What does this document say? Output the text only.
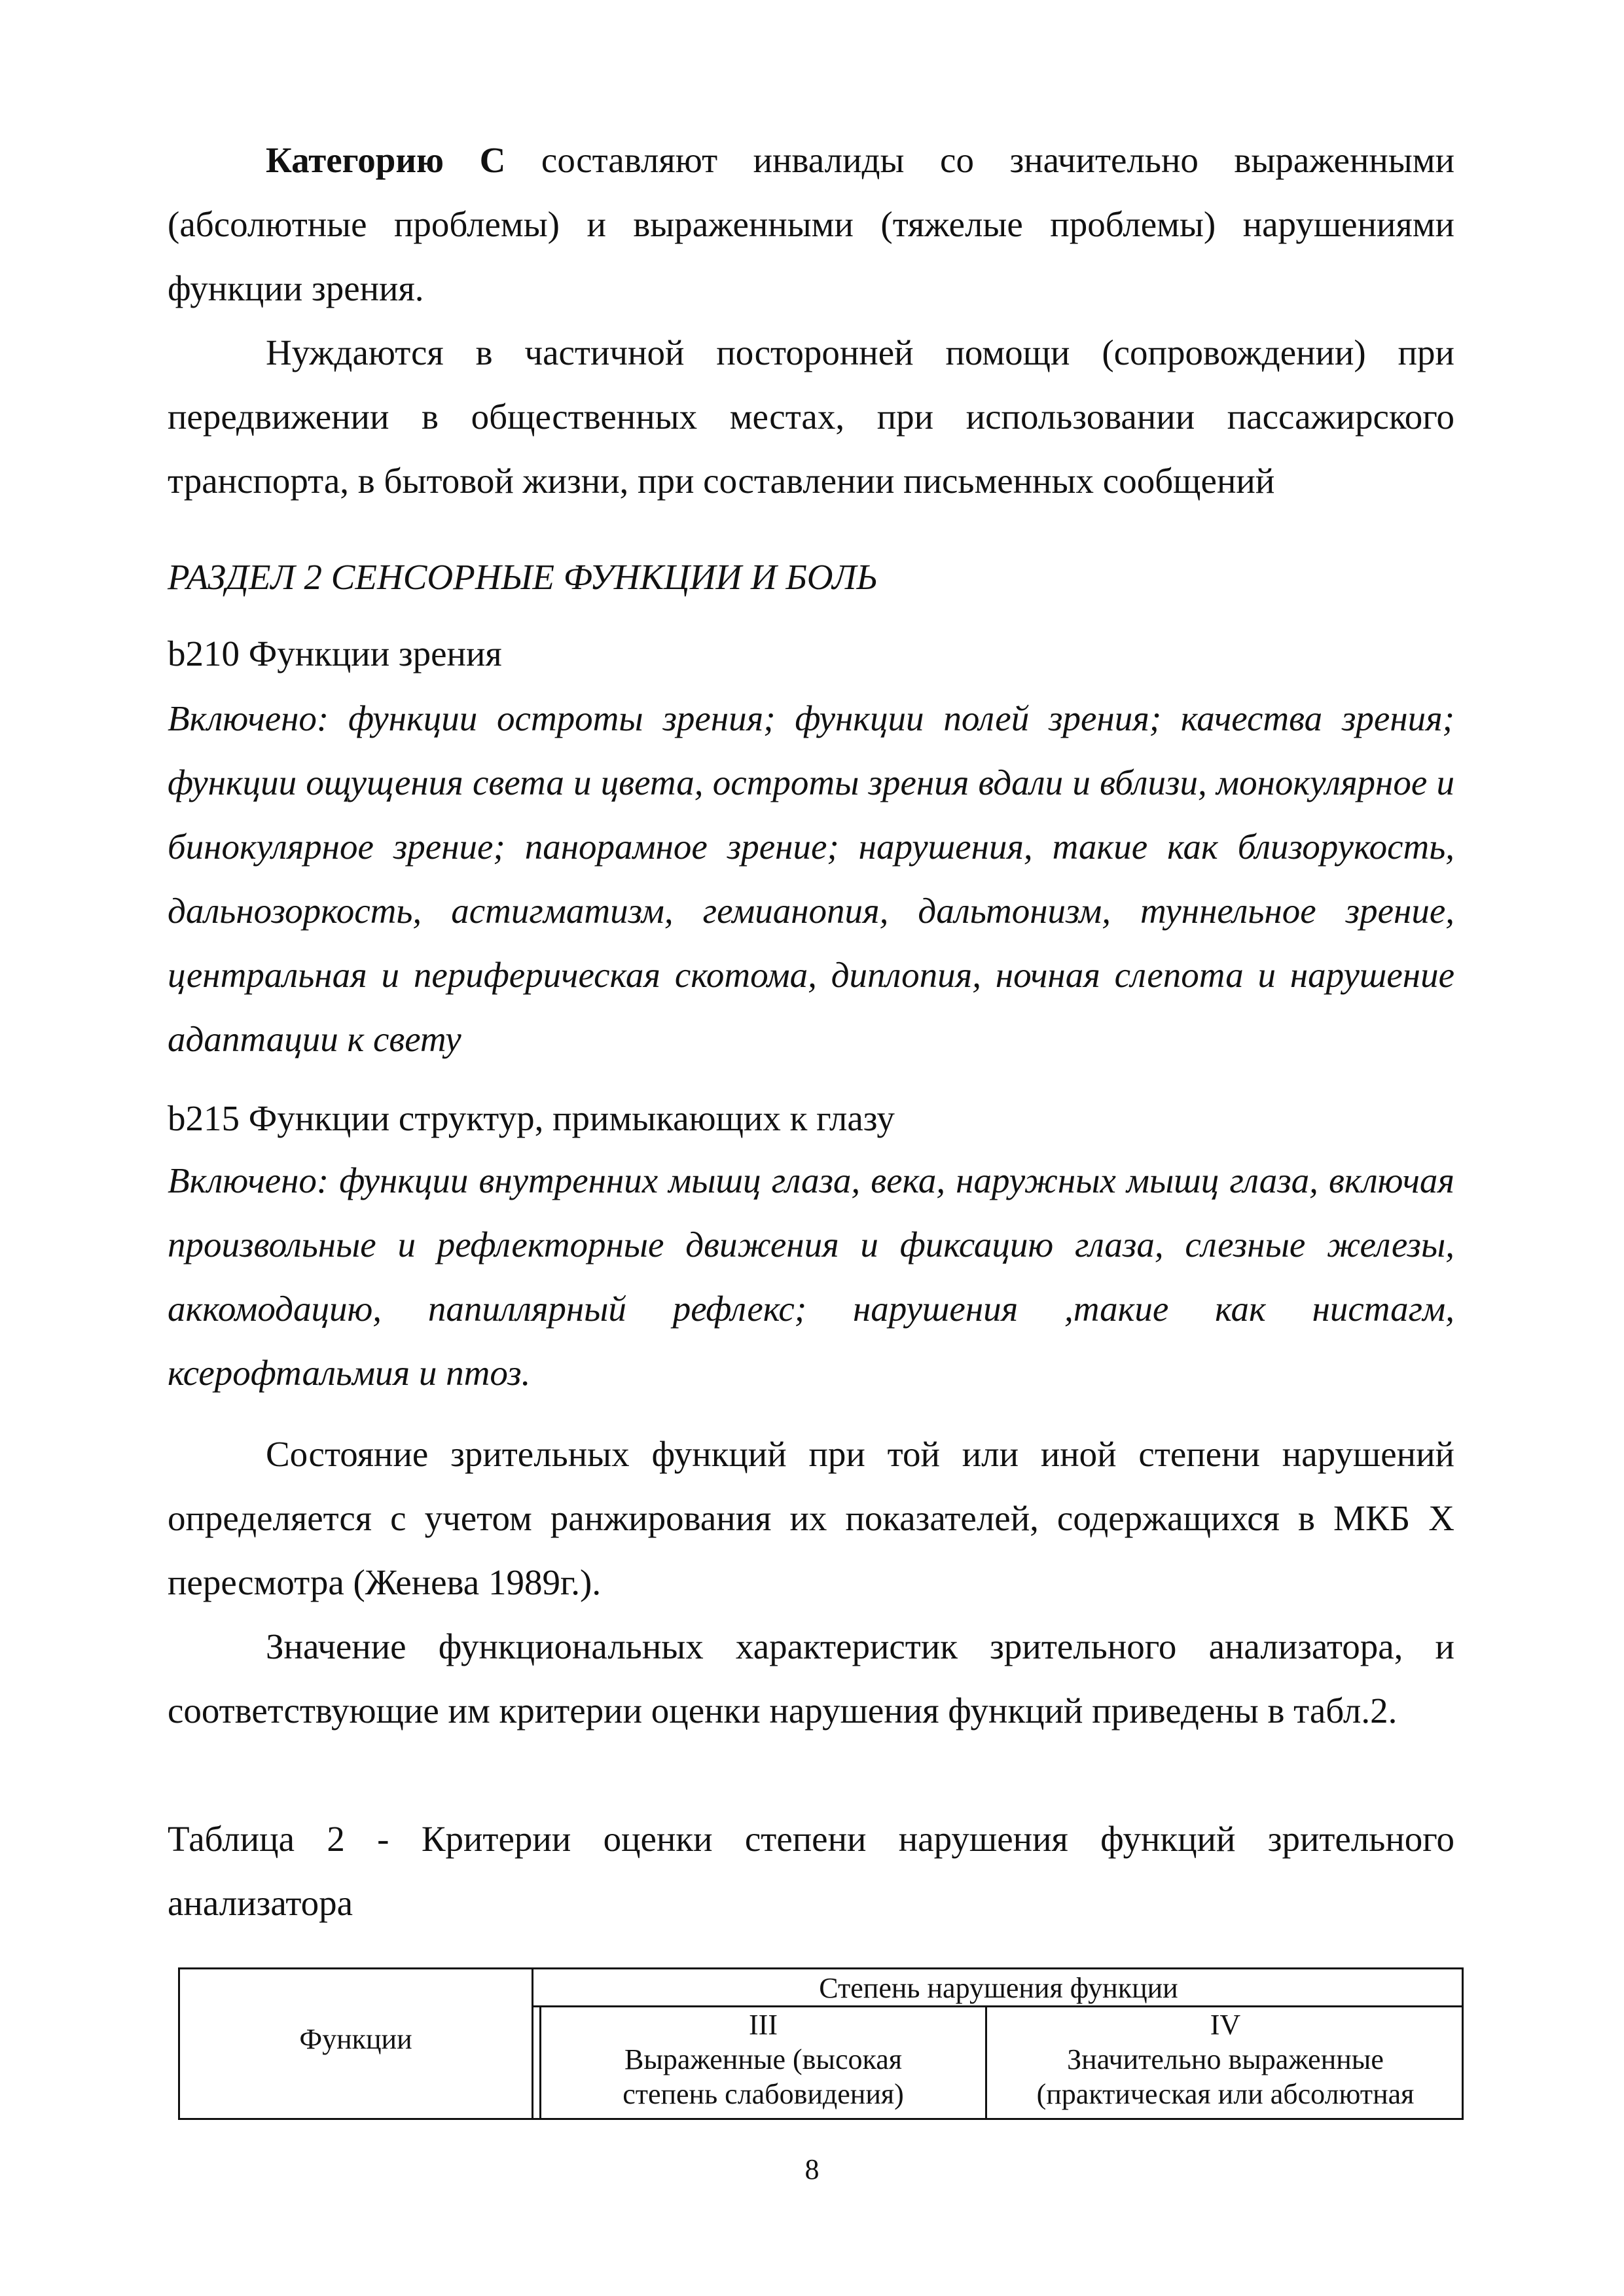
Категорию С составляют инвалиды со значительно выраженными (абсолютные проблемы) и выраженными (тяжелые проблемы) нарушениями функции зрения.

Нуждаются в частичной посторонней помощи (сопровождении) при передвижении в общественных местах, при использовании пассажирского транспорта, в бытовой жизни, при составлении письменных сообщений

РАЗДЕЛ 2 СЕНСОРНЫЕ ФУНКЦИИ И БОЛЬ

b210 Функции зрения

Включено: функции остроты зрения; функции полей зрения; качества зрения; функции ощущения света и цвета, остроты зрения вдали и вблизи, монокулярное и бинокулярное зрение; панорамное зрение; нарушения, такие как близорукость, дальнозоркость, астигматизм, гемианопия, дальтонизм, туннельное зрение, центральная и периферическая скотома, диплопия, ночная слепота и нарушение адаптации к свету

b215 Функции структур, примыкающих к глазу

Включено: функции внутренних мышц глаза, века, наружных мышц глаза, включая произвольные и рефлекторные движения и фиксацию глаза, слезные железы, аккомодацию, папиллярный рефлекс; нарушения ,такие как нистагм, ксерофтальмия и птоз.

Состояние зрительных функций при той или иной степени нарушений определяется с учетом ранжирования их показателей, содержащихся в МКБ X пересмотра (Женева 1989г.).

Значение функциональных характеристик зрительного анализатора, и соответствующие им критерии оценки нарушения функций приведены в табл.2.

Таблица 2 - Критерии оценки степени нарушения функций зрительного анализатора

Функции
Степень нарушения функции
III
Выраженные (высокая
степень слабовидения)
IV
Значительно выраженные
(практическая или абсолютная
8
